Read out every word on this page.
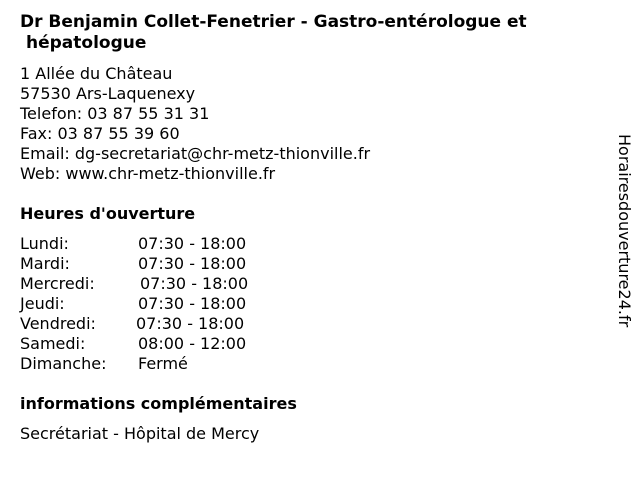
Dr Benjamin Collet-Fenetrier - Gastro-entérologue et
hépatologue
1 Allée du Château
57530 Ars-Laquenexy
Telefon: 03 87 55 31 31
Fax: 03 87 55 39 60
Email: dg-secretariat@chr-metz-thionville.fr
Web: www.chr-metz-thionville.fr
Heures d'ouverture
Lundi:	07:30 - 18:00
Mardi:	07:30 - 18:00
Mercredi:	07:30 - 18:00
Jeudi:	07:30 - 18:00
Vendredi:	07:30 - 18:00
Samedi:	08:00 - 12:00
Dimanche:	Fermé
informations complémentaires
Secrétariat - Hôpital de Mercy
Horairesdouverture24.fr
